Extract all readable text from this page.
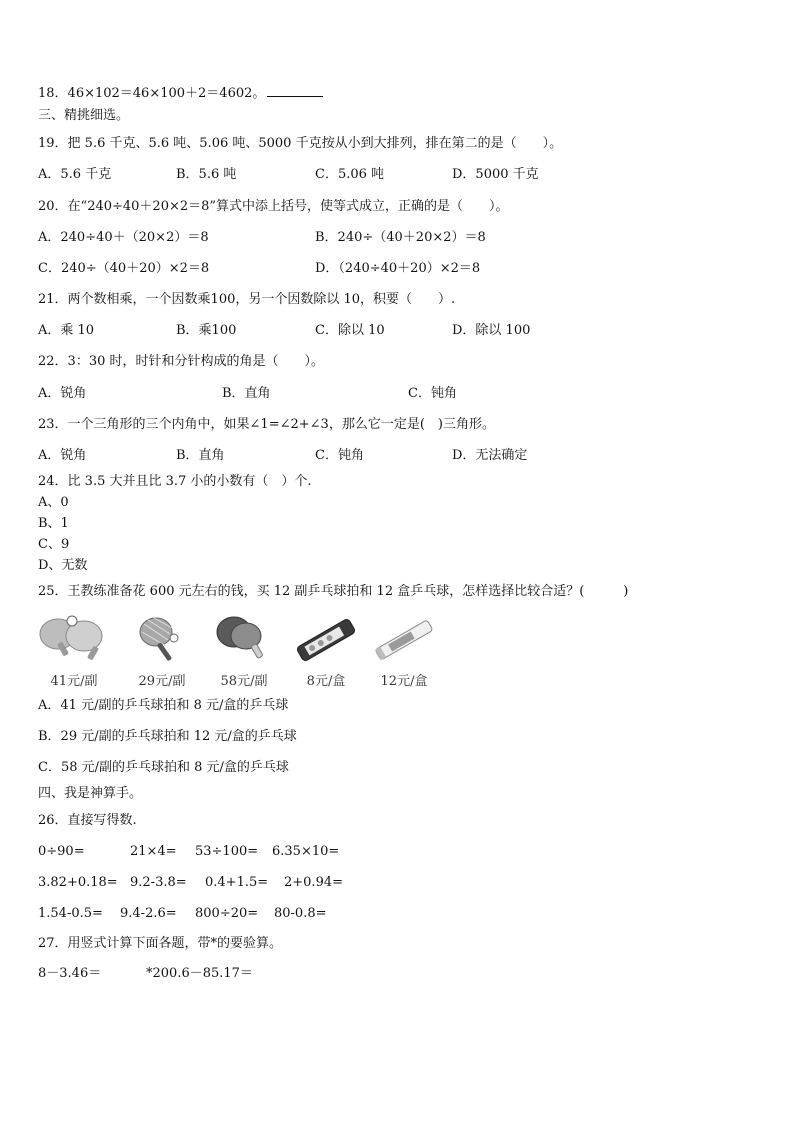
18．46×102＝46×100＋2＝4602。
三、精挑细选。
19．把 5.6 千克、5.6 吨、5.06 吨、5000 千克按从小到大排列，排在第二的是（　　）。
A．5.6 千克	B．5.6 吨	C．5.06 吨	D．5000 千克
20．在“240÷40＋20×2＝8”算式中添上括号，使等式成立，正确的是（　　）。
A．240÷40＋（20×2）＝8	B．240÷（40＋20×2）＝8
C．240÷（40＋20）×2＝8	D．（240÷40＋20）×2＝8
21．两个数相乘，一个因数乘100，另一个因数除以 10，积要（　　）.
A．乘 10	B．乘100	C．除以 10	D．除以 100
22．3：30 时，时针和分针构成的角是（　　）。
A．锐角	B．直角	C．钝角
23．一个三角形的三个内角中，如果∠1=∠2+∠3，那么它一定是(　)三角形。
A．锐角	B．直角	C．钝角	D．无法确定
24．比 3.5 大并且比 3.7 小的小数有（　）个.
A、0
B、1
C、9
D、无数
25．王教练准备花 600 元左右的钱，买 12 副乒乓球拍和 12 盒乒乓球，怎样选择比较合适？(　　　)
41元/副	29元/副	58元/副	8元/盒	12元/盒
A．41 元/副的乒乓球拍和 8 元/盒的乒乓球
B．29 元/副的乒乓球拍和 12 元/盒的乒乓球
C．58 元/副的乒乓球拍和 8 元/盒的乒乓球
四、我是神算手。
26．直接写得数.
0÷90=	21×4= 53÷100= 6.35×10=
3.82+0.18= 9.2-3.8= 0.4+1.5= 2+0.94=
1.54-0.5= 9.4-2.6= 800÷20= 80-0.8=
27．用竖式计算下面各题，带*的要验算。
8－3.46＝	*200.6－85.17＝
